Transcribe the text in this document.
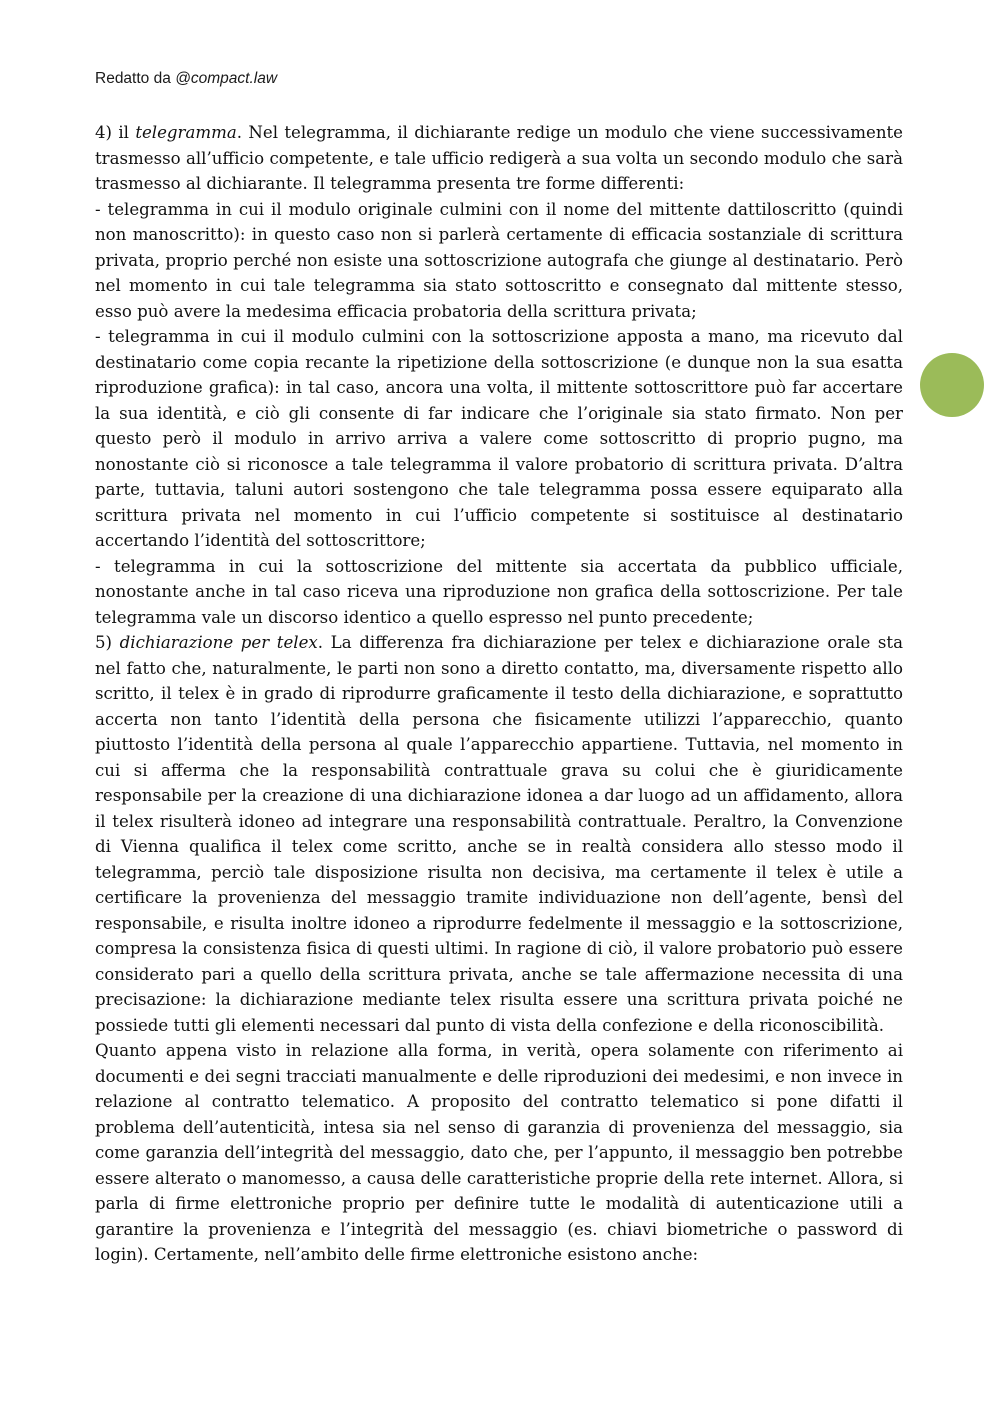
Redatto da @compact.law

4) il telegramma. Nel telegramma, il dichiarante redige un modulo che viene successivamente trasmesso all’ufficio competente, e tale ufficio redigerà a sua volta un secondo modulo che sarà trasmesso al dichiarante. Il telegramma presenta tre forme differenti:

- telegramma in cui il modulo originale culmini con il nome del mittente dattiloscritto (quindi non manoscritto): in questo caso non si parlerà certamente di efficacia sostanziale di scrittura privata, proprio perché non esiste una sottoscrizione autografa che giunge al destinatario. Però nel momento in cui tale telegramma sia stato sottoscritto e consegnato dal mittente stesso, esso può avere la medesima efficacia probatoria della scrittura privata;

- telegramma in cui il modulo culmini con la sottoscrizione apposta a mano, ma ricevuto dal destinatario come copia recante la ripetizione della sottoscrizione (e dunque non la sua esatta riproduzione grafica): in tal caso, ancora una volta, il mittente sottoscrittore può far accertare la sua identità, e ciò gli consente di far indicare che l’originale sia stato firmato. Non per questo però il modulo in arrivo arriva a valere come sottoscritto di proprio pugno, ma nonostante ciò si riconosce a tale telegramma il valore probatorio di scrittura privata. D’altra parte, tuttavia, taluni autori sostengono che tale telegramma possa essere equiparato alla scrittura privata nel momento in cui l’ufficio competente si sostituisce al destinatario accertando l’identità del sottoscrittore;

- telegramma in cui la sottoscrizione del mittente sia accertata da pubblico ufficiale, nonostante anche in tal caso riceva una riproduzione non grafica della sottoscrizione. Per tale telegramma vale un discorso identico a quello espresso nel punto precedente;

5) dichiarazione per telex. La differenza fra dichiarazione per telex e dichiarazione orale sta nel fatto che, naturalmente, le parti non sono a diretto contatto, ma, diversamente rispetto allo scritto, il telex è in grado di riprodurre graficamente il testo della dichiarazione, e soprattutto accerta non tanto l’identità della persona che fisicamente utilizzi l’apparecchio, quanto piuttosto l’identità della persona al quale l’apparecchio appartiene. Tuttavia, nel momento in cui si afferma che la responsabilità contrattuale grava su colui che è giuridicamente responsabile per la creazione di una dichiarazione idonea a dar luogo ad un affidamento, allora il telex risulterà idoneo ad integrare una responsabilità contrattuale. Peraltro, la Convenzione di Vienna qualifica il telex come scritto, anche se in realtà considera allo stesso modo il telegramma, perciò tale disposizione risulta non decisiva, ma certamente il telex è utile a certificare la provenienza del messaggio tramite individuazione non dell’agente, bensì del responsabile, e risulta inoltre idoneo a riprodurre fedelmente il messaggio e la sottoscrizione, compresa la consistenza fisica di questi ultimi. In ragione di ciò, il valore probatorio può essere considerato pari a quello della scrittura privata, anche se tale affermazione necessita di una precisazione: la dichiarazione mediante telex risulta essere una scrittura privata poiché ne possiede tutti gli elementi necessari dal punto di vista della confezione e della riconoscibilità.

Quanto appena visto in relazione alla forma, in verità, opera solamente con riferimento ai documenti e dei segni tracciati manualmente e delle riproduzioni dei medesimi, e non invece in relazione al contratto telematico. A proposito del contratto telematico si pone difatti il problema dell’autenticità, intesa sia nel senso di garanzia di provenienza del messaggio, sia come garanzia dell’integrità del messaggio, dato che, per l’appunto, il messaggio ben potrebbe essere alterato o manomesso, a causa delle caratteristiche proprie della rete internet. Allora, si parla di firme elettroniche proprio per definire tutte le modalità di autenticazione utili a garantire la provenienza e l’integrità del messaggio (es. chiavi biometriche o password di login). Certamente, nell’ambito delle firme elettroniche esistono anche:
